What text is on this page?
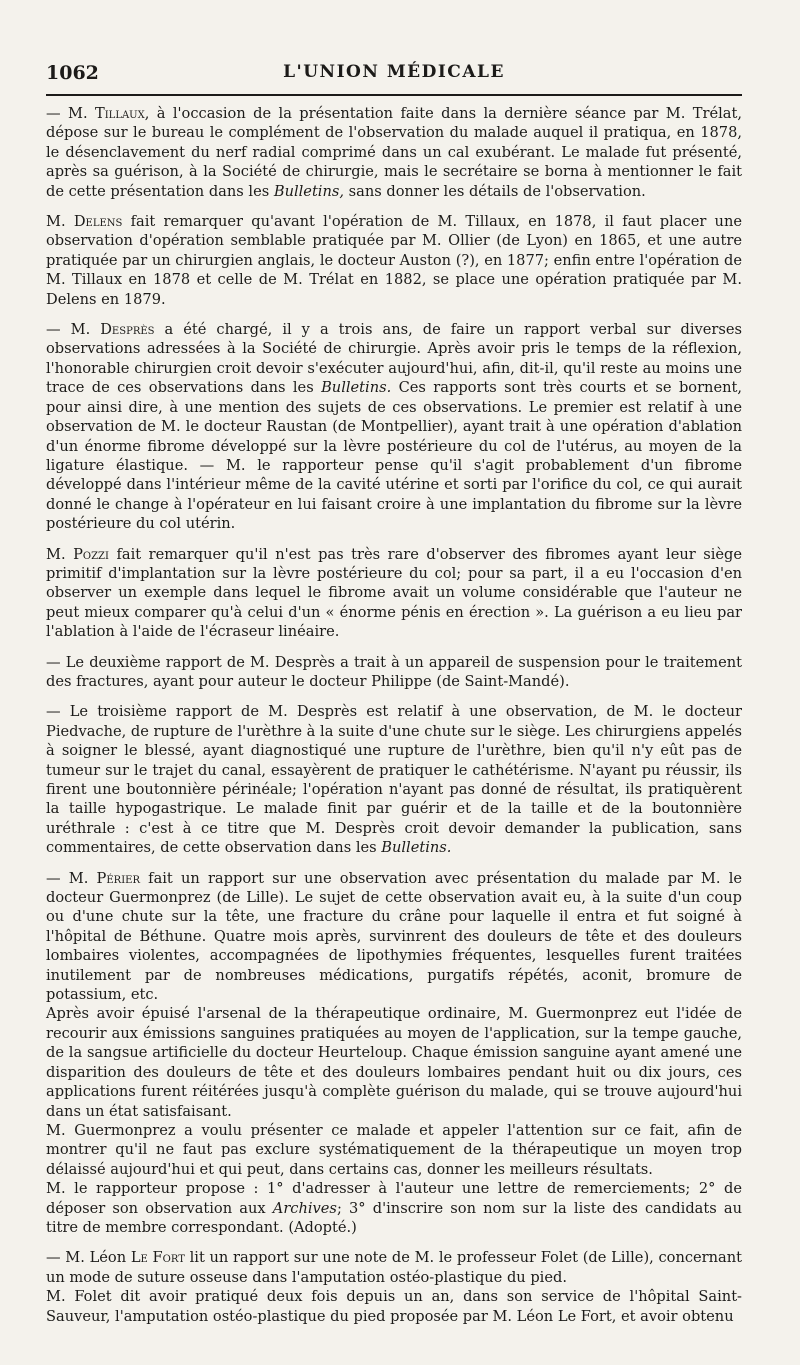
1062	L'UNION MÉDICALE

— M. Tillaux, à l'occasion de la présentation faite dans la dernière séance par M. Trélat, dépose sur le bureau le complément de l'observation du malade auquel il pratiqua, en 1878, le désenclavement du nerf radial comprimé dans un cal exubérant. Le malade fut présenté, après sa guérison, à la Société de chirurgie, mais le secrétaire se borna à mentionner le fait de cette présentation dans les Bulletins, sans donner les détails de l'observation.

M. Delens fait remarquer qu'avant l'opération de M. Tillaux, en 1878, il faut placer une observation d'opération semblable pratiquée par M. Ollier (de Lyon) en 1865, et une autre pratiquée par un chirurgien anglais, le docteur Auston (?), en 1877; enfin entre l'opération de M. Tillaux en 1878 et celle de M. Trélat en 1882, se place une opération pratiquée par M. Delens en 1879.

— M. Desprès a été chargé, il y a trois ans, de faire un rapport verbal sur diverses observations adressées à la Société de chirurgie. Après avoir pris le temps de la réflexion, l'honorable chirurgien croit devoir s'exécuter aujourd'hui, afin, dit-il, qu'il reste au moins une trace de ces observations dans les Bulletins. Ces rapports sont très courts et se bornent, pour ainsi dire, à une mention des sujets de ces observations. Le premier est relatif à une observation de M. le docteur Raustan (de Montpellier), ayant trait à une opération d'ablation d'un énorme fibrome développé sur la lèvre postérieure du col de l'utérus, au moyen de la ligature élastique. — M. le rapporteur pense qu'il s'agit probablement d'un fibrome développé dans l'intérieur même de la cavité utérine et sorti par l'orifice du col, ce qui aurait donné le change à l'opérateur en lui faisant croire à une implantation du fibrome sur la lèvre postérieure du col utérin.

M. Pozzi fait remarquer qu'il n'est pas très rare d'observer des fibromes ayant leur siège primitif d'implantation sur la lèvre postérieure du col; pour sa part, il a eu l'occasion d'en observer un exemple dans lequel le fibrome avait un volume considérable que l'auteur ne peut mieux comparer qu'à celui d'un « énorme pénis en érection ». La guérison a eu lieu par l'ablation à l'aide de l'écraseur linéaire.

— Le deuxième rapport de M. Desprès a trait à un appareil de suspension pour le traitement des fractures, ayant pour auteur le docteur Philippe (de Saint-Mandé).

— Le troisième rapport de M. Desprès est relatif à une observation, de M. le docteur Piedvache, de rupture de l'urèthre à la suite d'une chute sur le siège. Les chirurgiens appelés à soigner le blessé, ayant diagnostiqué une rupture de l'urèthre, bien qu'il n'y eût pas de tumeur sur le trajet du canal, essayèrent de pratiquer le cathétérisme. N'ayant pu réussir, ils firent une boutonnière périnéale; l'opération n'ayant pas donné de résultat, ils pratiquèrent la taille hypogastrique. Le malade finit par guérir et de la taille et de la boutonnière uréthrale : c'est à ce titre que M. Desprès croit devoir demander la publication, sans commentaires, de cette observation dans les Bulletins.

— M. Périer fait un rapport sur une observation avec présentation du malade par M. le docteur Guermonprez (de Lille). Le sujet de cette observation avait eu, à la suite d'un coup ou d'une chute sur la tête, une fracture du crâne pour laquelle il entra et fut soigné à l'hôpital de Béthune. Quatre mois après, survinrent des douleurs de tête et des douleurs lombaires violentes, accompagnées de lipothymies fréquentes, lesquelles furent traitées inutilement par de nombreuses médications, purgatifs répétés, aconit, bromure de potassium, etc.

Après avoir épuisé l'arsenal de la thérapeutique ordinaire, M. Guermonprez eut l'idée de recourir aux émissions sanguines pratiquées au moyen de l'application, sur la tempe gauche, de la sangsue artificielle du docteur Heurteloup. Chaque émission sanguine ayant amené une disparition des douleurs de tête et des douleurs lombaires pendant huit ou dix jours, ces applications furent réitérées jusqu'à complète guérison du malade, qui se trouve aujourd'hui dans un état satisfaisant.

M. Guermonprez a voulu présenter ce malade et appeler l'attention sur ce fait, afin de montrer qu'il ne faut pas exclure systématiquement de la thérapeutique un moyen trop délaissé aujourd'hui et qui peut, dans certains cas, donner les meilleurs résultats.

M. le rapporteur propose : 1° d'adresser à l'auteur une lettre de remerciements; 2° de déposer son observation aux Archives; 3° d'inscrire son nom sur la liste des candidats au titre de membre correspondant. (Adopté.)

— M. Léon Le Fort lit un rapport sur une note de M. le professeur Folet (de Lille), concernant un mode de suture osseuse dans l'amputation ostéo-plastique du pied.

M. Folet dit avoir pratiqué deux fois depuis un an, dans son service de l'hôpital Saint-Sauveur, l'amputation ostéo-plastique du pied proposée par M. Léon Le Fort, et avoir obtenu
